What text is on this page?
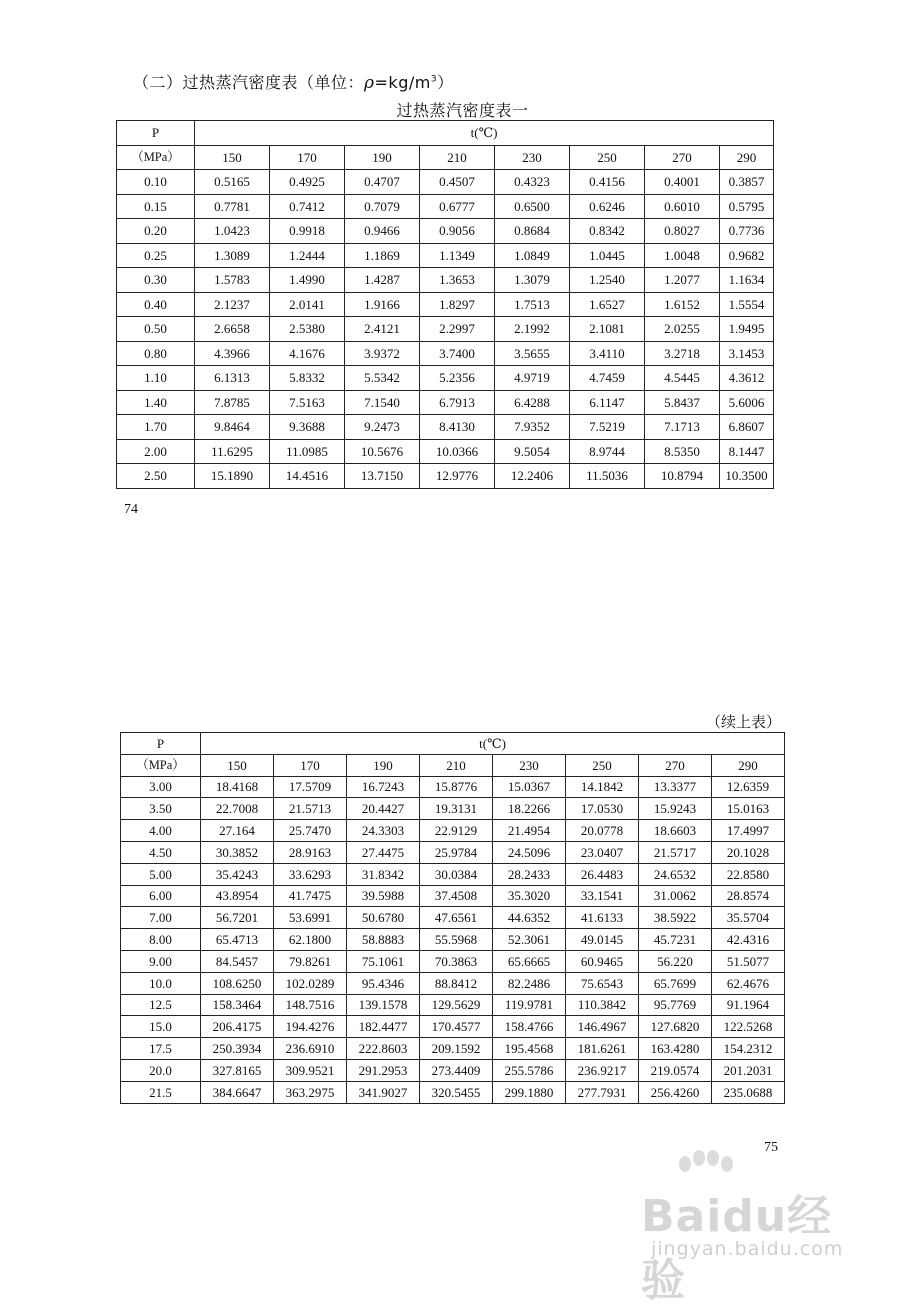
（二）过热蒸汽密度表（单位：$\rho=kg/m^3$）
过热蒸汽密度表一
P	t(℃)							
（MPa）	150	170	190	210	230	250	270	290
0.10	0.5165	0.4925	0.4707	0.4507	0.4323	0.4156	0.4001	0.3857
0.15	0.7781	0.7412	0.7079	0.6777	0.6500	0.6246	0.6010	0.5795
0.20	1.0423	0.9918	0.9466	0.9056	0.8684	0.8342	0.8027	0.7736
0.25	1.3089	1.2444	1.1869	1.1349	1.0849	1.0445	1.0048	0.9682
0.30	1.5783	1.4990	1.4287	1.3653	1.3079	1.2540	1.2077	1.1634
0.40	2.1237	2.0141	1.9166	1.8297	1.7513	1.6527	1.6152	1.5554
0.50	2.6658	2.5380	2.4121	2.2997	2.1992	2.1081	2.0255	1.9495
0.80	4.3966	4.1676	3.9372	3.7400	3.5655	3.4110	3.2718	3.1453
1.10	6.1313	5.8332	5.5342	5.2356	4.9719	4.7459	4.5445	4.3612
1.40	7.8785	7.5163	7.1540	6.7913	6.4288	6.1147	5.8437	5.6006
1.70	9.8464	9.3688	9.2473	8.4130	7.9352	7.5219	7.1713	6.8607
2.00	11.6295	11.0985	10.5676	10.0366	9.5054	8.9744	8.5350	8.1447
2.50	15.1890	14.4516	13.7150	12.9776	12.2406	11.5036	10.8794	10.3500
74
（续上表）
P	t(℃)							
（MPa）	150	170	190	210	230	250	270	290
3.00	18.4168	17.5709	16.7243	15.8776	15.0367	14.1842	13.3377	12.6359
3.50	22.7008	21.5713	20.4427	19.3131	18.2266	17.0530	15.9243	15.0163
4.00	27.164	25.7470	24.3303	22.9129	21.4954	20.0778	18.6603	17.4997
4.50	30.3852	28.9163	27.4475	25.9784	24.5096	23.0407	21.5717	20.1028
5.00	35.4243	33.6293	31.8342	30.0384	28.2433	26.4483	24.6532	22.8580
6.00	43.8954	41.7475	39.5988	37.4508	35.3020	33.1541	31.0062	28.8574
7.00	56.7201	53.6991	50.6780	47.6561	44.6352	41.6133	38.5922	35.5704
8.00	65.4713	62.1800	58.8883	55.5968	52.3061	49.0145	45.7231	42.4316
9.00	84.5457	79.8261	75.1061	70.3863	65.6665	60.9465	56.220	51.5077
10.0	108.6250	102.0289	95.4346	88.8412	82.2486	75.6543	65.7699	62.4676
12.5	158.3464	148.7516	139.1578	129.5629	119.9781	110.3842	95.7769	91.1964
15.0	206.4175	194.4276	182.4477	170.4577	158.4766	146.4967	127.6820	122.5268
17.5	250.3934	236.6910	222.8603	209.1592	195.4568	181.6261	163.4280	154.2312
20.0	327.8165	309.9521	291.2953	273.4409	255.5786	236.9217	219.0574	201.2031
21.5	384.6647	363.2975	341.9027	320.5455	299.1880	277.7931	256.4260	235.0688
75
Baidu经验
jingyan.baidu.com
